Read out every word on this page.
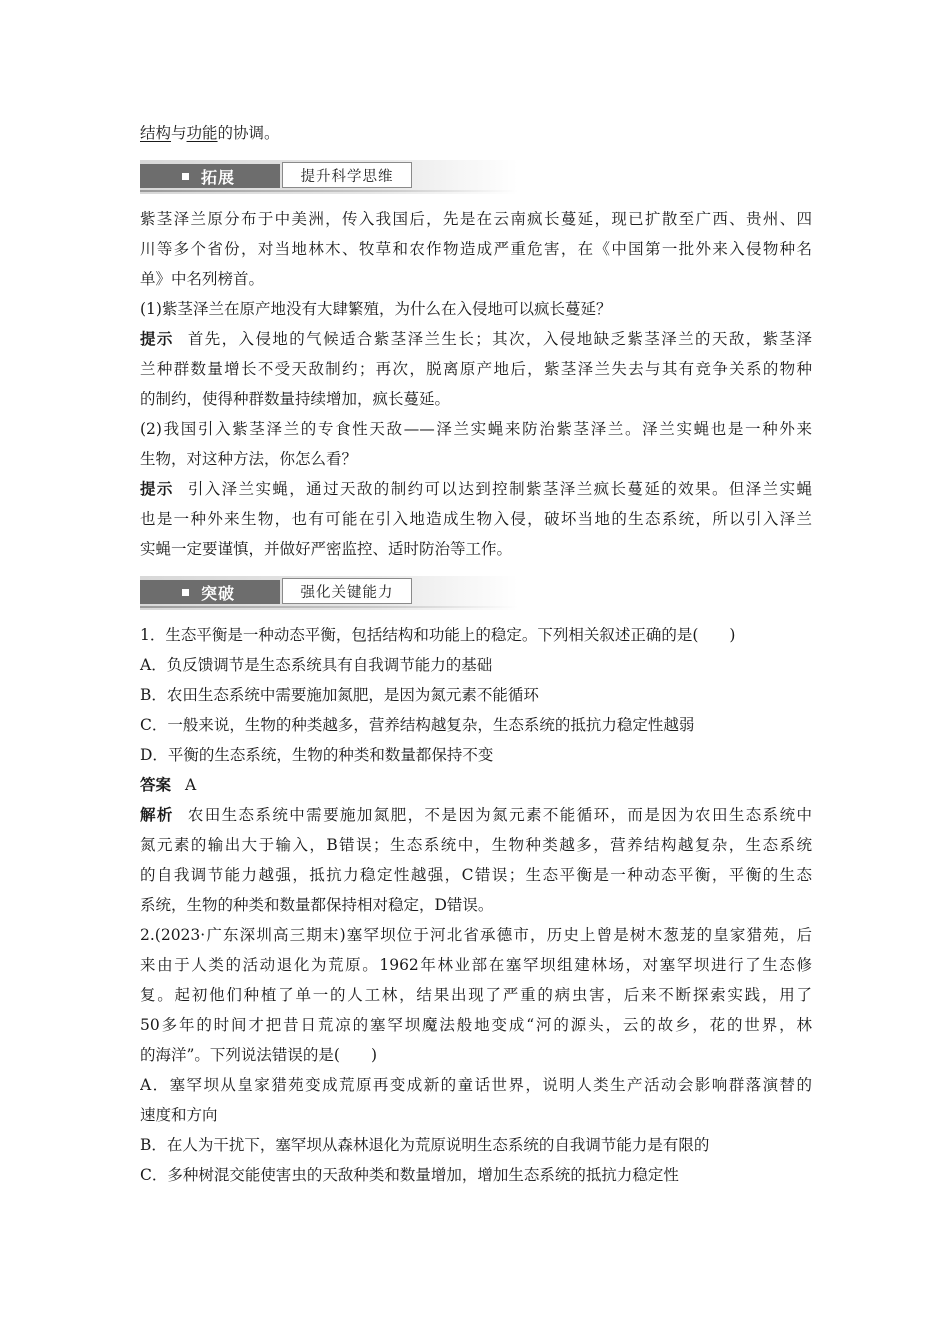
结构与功能的协调。
拓展	提升科学思维
紫茎泽兰原分布于中美洲，传入我国后，先是在云南疯长蔓延，现已扩散至广西、贵州、四
川等多个省份，对当地林木、牧草和农作物造成严重危害，在《中国第一批外来入侵物种名
单》中名列榜首。
(1)紫茎泽兰在原产地没有大肆繁殖，为什么在入侵地可以疯长蔓延？
提示 首先，入侵地的气候适合紫茎泽兰生长；其次，入侵地缺乏紫茎泽兰的天敌，紫茎泽
兰种群数量增长不受天敌制约；再次，脱离原产地后，紫茎泽兰失去与其有竞争关系的物种
的制约，使得种群数量持续增加，疯长蔓延。
(2)我国引入紫茎泽兰的专食性天敌——泽兰实蝇来防治紫茎泽兰。泽兰实蝇也是一种外来
生物，对这种方法，你怎么看？
提示 引入泽兰实蝇，通过天敌的制约可以达到控制紫茎泽兰疯长蔓延的效果。但泽兰实蝇
也是一种外来生物，也有可能在引入地造成生物入侵，破坏当地的生态系统，所以引入泽兰
实蝇一定要谨慎，并做好严密监控、适时防治等工作。
突破	强化关键能力
1．生态平衡是一种动态平衡，包括结构和功能上的稳定。下列相关叙述正确的是(　　)
A．负反馈调节是生态系统具有自我调节能力的基础
B．农田生态系统中需要施加氮肥，是因为氮元素不能循环
C．一般来说，生物的种类越多，营养结构越复杂，生态系统的抵抗力稳定性越弱
D．平衡的生态系统，生物的种类和数量都保持不变
答案 A
解析 农田生态系统中需要施加氮肥，不是因为氮元素不能循环，而是因为农田生态系统中
氮元素的输出大于输入，B错误；生态系统中，生物种类越多，营养结构越复杂，生态系统
的自我调节能力越强，抵抗力稳定性越强，C错误；生态平衡是一种动态平衡，平衡的生态
系统，生物的种类和数量都保持相对稳定，D错误。
2.(2023·广东深圳高三期末)塞罕坝位于河北省承德市，历史上曾是树木葱茏的皇家猎苑，后
来由于人类的活动退化为荒原。1962年林业部在塞罕坝组建林场，对塞罕坝进行了生态修
复。起初他们种植了单一的人工林，结果出现了严重的病虫害，后来不断探索实践，用了
50多年的时间才把昔日荒凉的塞罕坝魔法般地变成“河的源头，云的故乡，花的世界，林
的海洋”。下列说法错误的是(　　)
A．塞罕坝从皇家猎苑变成荒原再变成新的童话世界，说明人类生产活动会影响群落演替的
速度和方向
B．在人为干扰下，塞罕坝从森林退化为荒原说明生态系统的自我调节能力是有限的
C．多种树混交能使害虫的天敌种类和数量增加，增加生态系统的抵抗力稳定性
